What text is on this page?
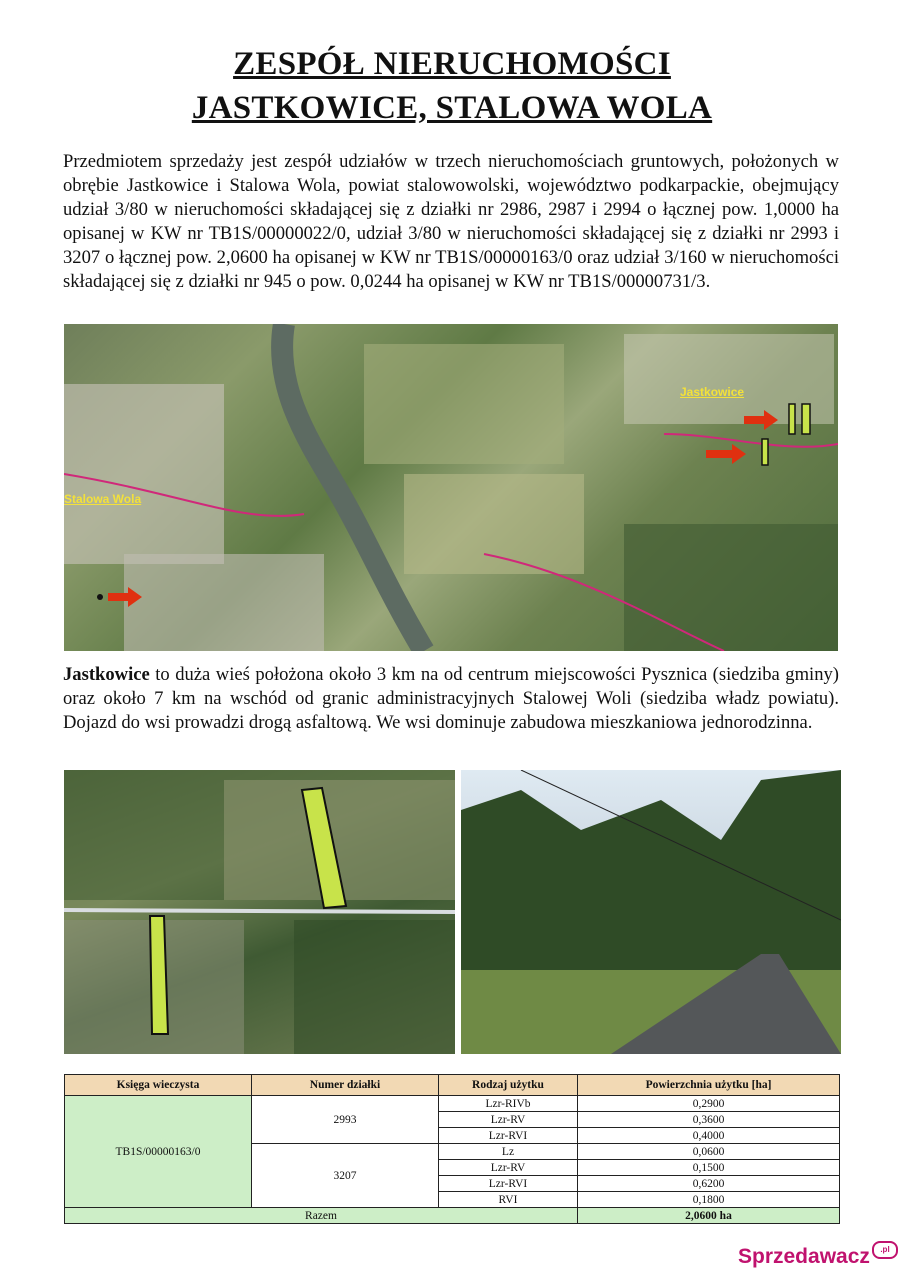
ZESPÓŁ NIERUCHOMOŚCI
JASTKOWICE, STALOWA WOLA
Przedmiotem sprzedaży jest zespół udziałów w trzech nieruchomościach gruntowych, położonych w obrębie Jastkowice i Stalowa Wola, powiat stalowowolski, województwo podkarpackie, obejmujący udział 3/80 w nieruchomości składającej się z działki nr 2986, 2987 i 2994 o łącznej pow. 1,0000 ha opisanej w KW nr TB1S/00000022/0, udział 3/80 w nieruchomości składającej się z działki nr 2993 i 3207 o łącznej pow. 2,0600 ha opisanej w KW nr TB1S/00000163/0 oraz udział 3/160 w nieruchomości składającej się z działki nr 945 o pow. 0,0244 ha opisanej w KW nr TB1S/00000731/3.
Jastkowice
Stalowa Wola
Jastkowice to duża wieś położona około 3 km na od centrum miejscowości Pysznica (siedziba gminy) oraz około 7 km na wschód od granic administracyjnych Stalowej Woli (siedziba władz powiatu). Dojazd do wsi prowadzi drogą asfaltową. We wsi dominuje zabudowa mieszkaniowa jednorodzinna.
Księga wieczysta	Numer działki	Rodzaj użytku	Powierzchnia użytku [ha]
TB1S/00000163/0	2993	Lzr-RIVb	0,2900
		Lzr-RV	0,3600
		Lzr-RVI	0,4000
	3207	Lz	0,0600
		Lzr-RV	0,1500
		Lzr-RVI	0,6200
		RVI	0,1800
Razem			2,0600 ha
Sprzedawacz	.pl
